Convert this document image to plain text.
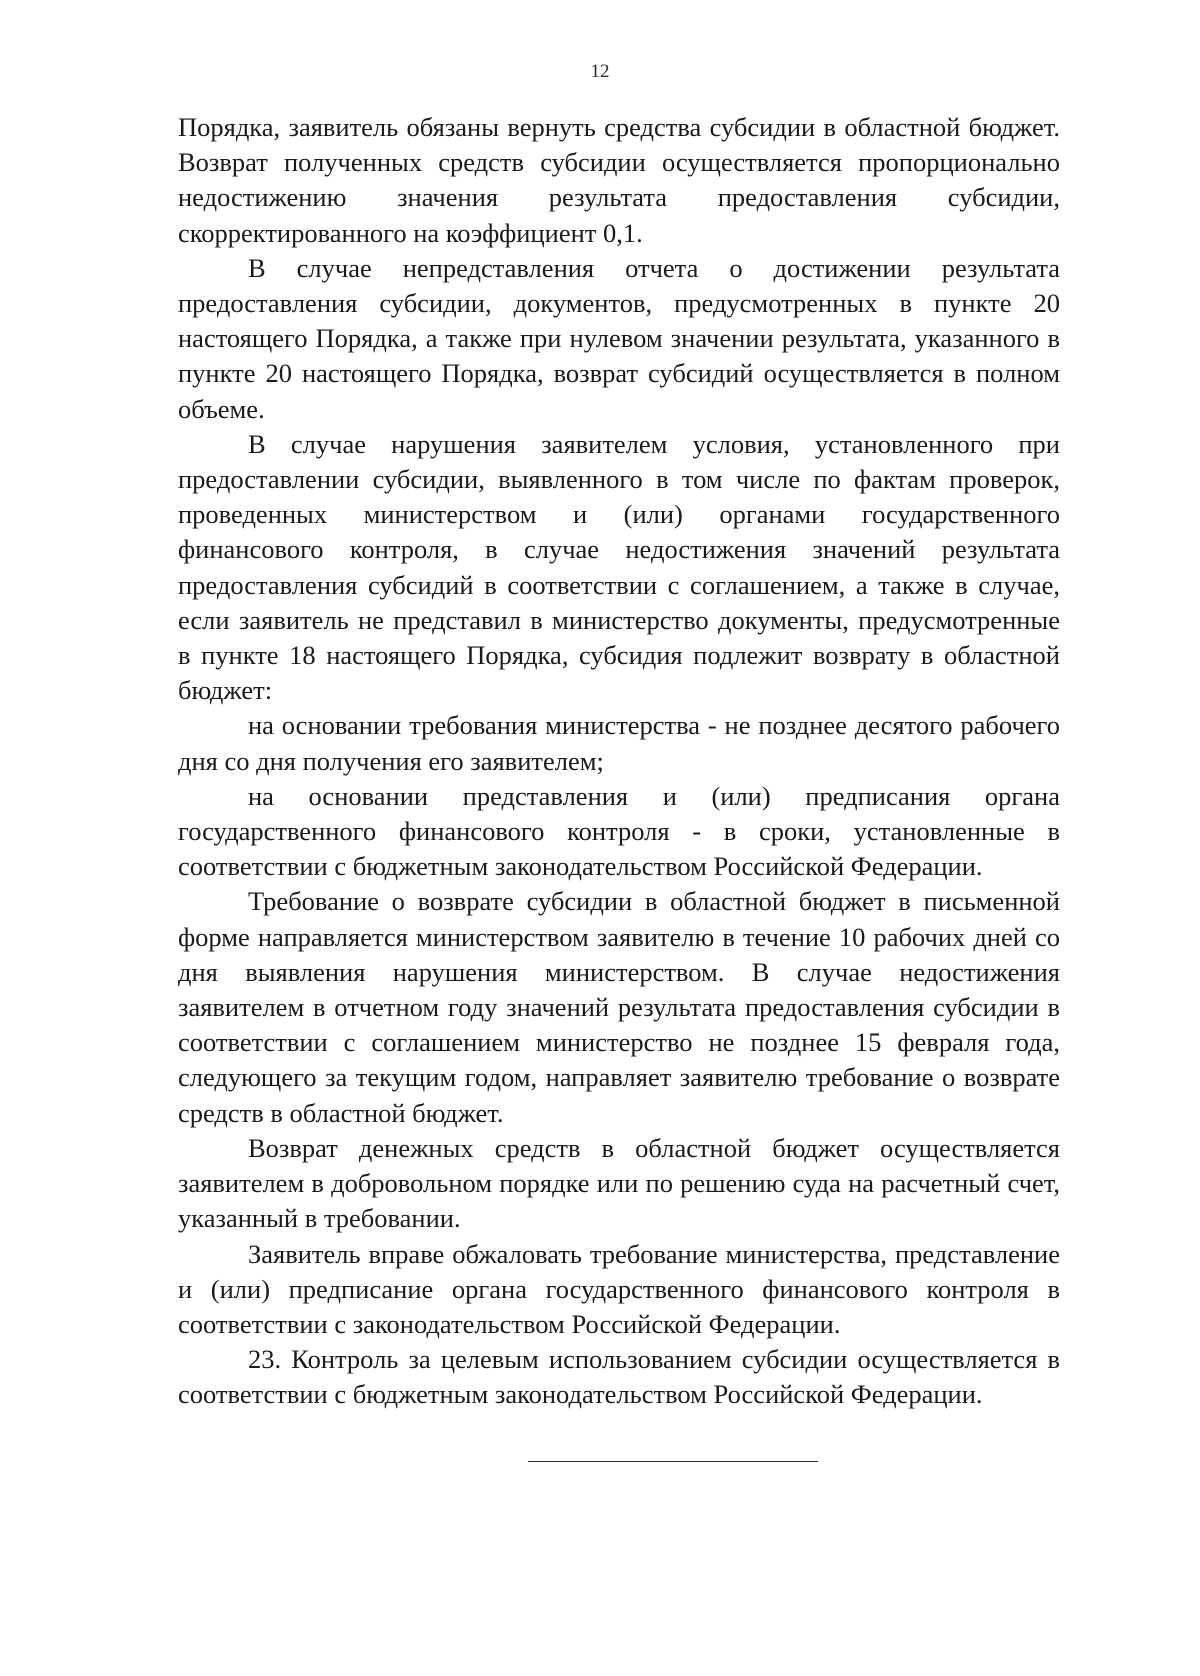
12

Порядка, заявитель обязаны вернуть средства субсидии в областной бюджет. Возврат полученных средств субсидии осуществляется пропорционально недостижению значения результата предоставления субсидии, скорректированного на коэффициент 0,1.

В случае непредставления отчета о достижении результата предоставления субсидии, документов, предусмотренных в пункте 20 настоящего Порядка, а также при нулевом значении результата, указанного в пункте 20 настоящего Порядка, возврат субсидий осуществляется в полном объеме.

В случае нарушения заявителем условия, установленного при предоставлении субсидии, выявленного в том числе по фактам проверок, проведенных министерством и (или) органами государственного финансового контроля, в случае недостижения значений результата предоставления субсидий в соответствии с соглашением, а также в случае, если заявитель не представил в министерство документы, предусмотренные в пункте 18 настоящего Порядка, субсидия подлежит возврату в областной бюджет:

на основании требования министерства - не позднее десятого рабочего дня со дня получения его заявителем;

на основании представления и (или) предписания органа государственного финансового контроля - в сроки, установленные в соответствии с бюджетным законодательством Российской Федерации.

Требование о возврате субсидии в областной бюджет в письменной форме направляется министерством заявителю в течение 10 рабочих дней со дня выявления нарушения министерством. В случае недостижения заявителем в отчетном году значений результата предоставления субсидии в соответствии с соглашением министерство не позднее 15 февраля года, следующего за текущим годом, направляет заявителю требование о возврате средств в областной бюджет.

Возврат денежных средств в областной бюджет осуществляется заявителем в добровольном порядке или по решению суда на расчетный счет, указанный в требовании.

Заявитель вправе обжаловать требование министерства, представление и (или) предписание органа государственного финансового контроля в соответствии с законодательством Российской Федерации.

23. Контроль за целевым использованием субсидии осуществляется в соответствии с бюджетным законодательством Российской Федерации.
